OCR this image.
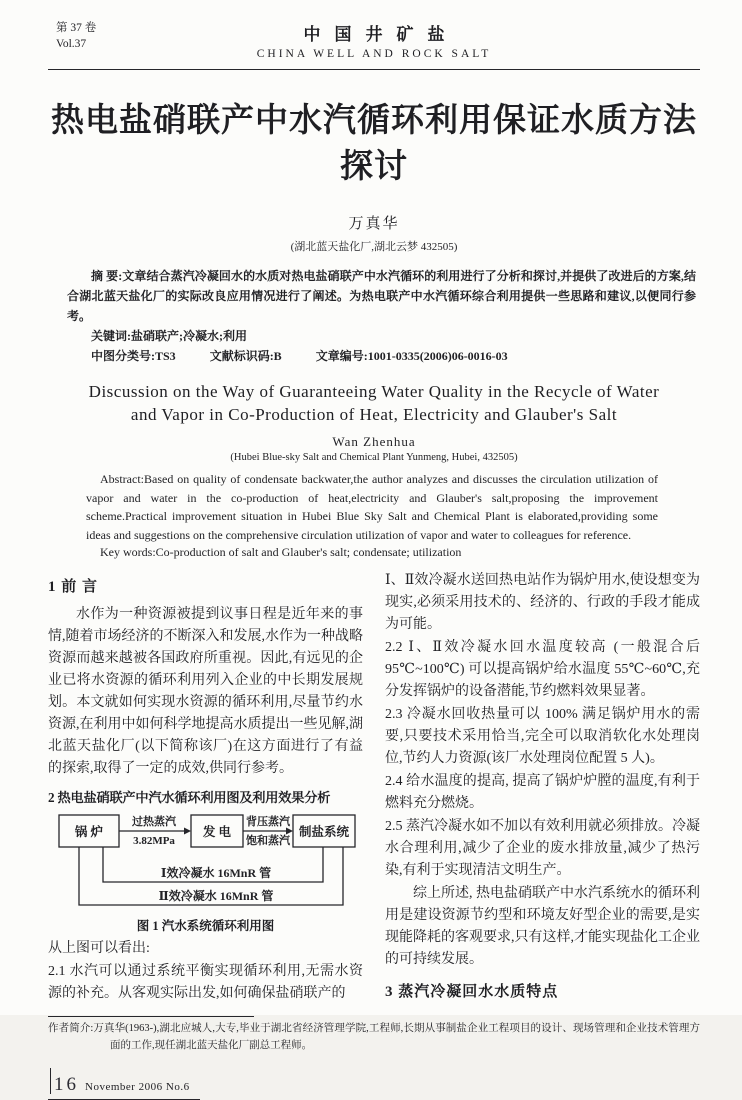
第 37 卷
Vol.37	中国井矿盐
CHINA WELL AND ROCK SALT
热电盐硝联产中水汽循环利用保证水质方法探讨
万真华
(湖北蓝天盐化厂,湖北云梦 432505)

摘 要:文章结合蒸汽冷凝回水的水质对热电盐硝联产中水汽循环的利用进行了分析和探讨,并提供了改进后的方案,结合湖北蓝天盐化厂的实际改良应用情况进行了阐述。为热电联产中水汽循环综合利用提供一些思路和建议,以便同行参考。

关键词:盐硝联产;冷凝水;利用

中图分类号:TS3	文献标识码:B	文章编号:1001-0335(2006)06-0016-03

Discussion on the Way of Guaranteeing Water Quality in the Recycle of Water
and Vapor in Co-Production of Heat, Electricity and Glauber's Salt
Wan Zhenhua
(Hubei Blue-sky Salt and Chemical Plant Yunmeng, Hubei, 432505)

Abstract:Based on quality of condensate backwater,the author analyzes and discusses the circulation utilization of vapor and water in the co-production of heat,electricity and Glauber's salt,proposing the improvement scheme.Practical improvement situation in Hubei Blue Sky Salt and Chemical Plant is elaborated,providing some ideas and suggestions on the comprehensive circulation utilization of vapor and water to colleagues for reference.

Key words:Co-production of salt and Glauber's salt; condensate; utilization

1 前 言

水作为一种资源被提到议事日程是近年来的事情,随着市场经济的不断深入和发展,水作为一种战略资源而越来越被各国政府所重视。因此,有远见的企业已将水资源的循环利用列入企业的中长期发展规划。本文就如何实现水资源的循环利用,尽量节约水资源,在利用中如何科学地提高水质提出一些见解,湖北蓝天盐化厂(以下简称该厂)在这方面进行了有益的探索,取得了一定的成效,供同行参考。

2 热电盐硝联产中汽水循环利用图及利用效果分析
锅 炉	发 电	制盐系统
过热蒸汽
3.82MPa
背压蒸汽
饱和蒸汽
Ⅰ效冷凝水 16MnR 管
Ⅱ效冷凝水 16MnR 管
图 1 汽水系统循环利用图

从上图可以看出:

2.1 水汽可以通过系统平衡实现循环利用,无需水资源的补充。从客观实际出发,如何确保盐硝联产的

Ⅰ、Ⅱ效冷凝水送回热电站作为锅炉用水,使设想变为现实,必须采用技术的、经济的、行政的手段才能成为可能。

2.2 Ⅰ、Ⅱ效冷凝水回水温度较高 (一般混合后95℃~100℃) 可以提高锅炉给水温度 55℃~60℃,充分发挥锅炉的设备潜能,节约燃料效果显著。

2.3 冷凝水回收热量可以 100% 满足锅炉用水的需要,只要技术采用恰当,完全可以取消软化水处理岗位,节约人力资源(该厂水处理岗位配置 5 人)。

2.4 给水温度的提高, 提高了锅炉炉膛的温度,有利于燃料充分燃烧。

2.5 蒸汽冷凝水如不加以有效利用就必须排放。冷凝水合理利用,减少了企业的废水排放量,减少了热污染,有利于实现清洁文明生产。

综上所述, 热电盐硝联产中水汽系统水的循环利用是建设资源节约型和环境友好型企业的需要,是实现能降耗的客观要求,只有这样,才能实现盐化工企业的可持续发展。

3 蒸汽冷凝回水水质特点

作者简介:万真华(1963-),湖北应城人,大专,毕业于湖北省经济管理学院,工程师,长期从事制盐企业工程项目的设计、现场管理和企业技术管理方面的工作,现任湖北蓝天盐化厂副总工程师。

16 November 2006 No.6
